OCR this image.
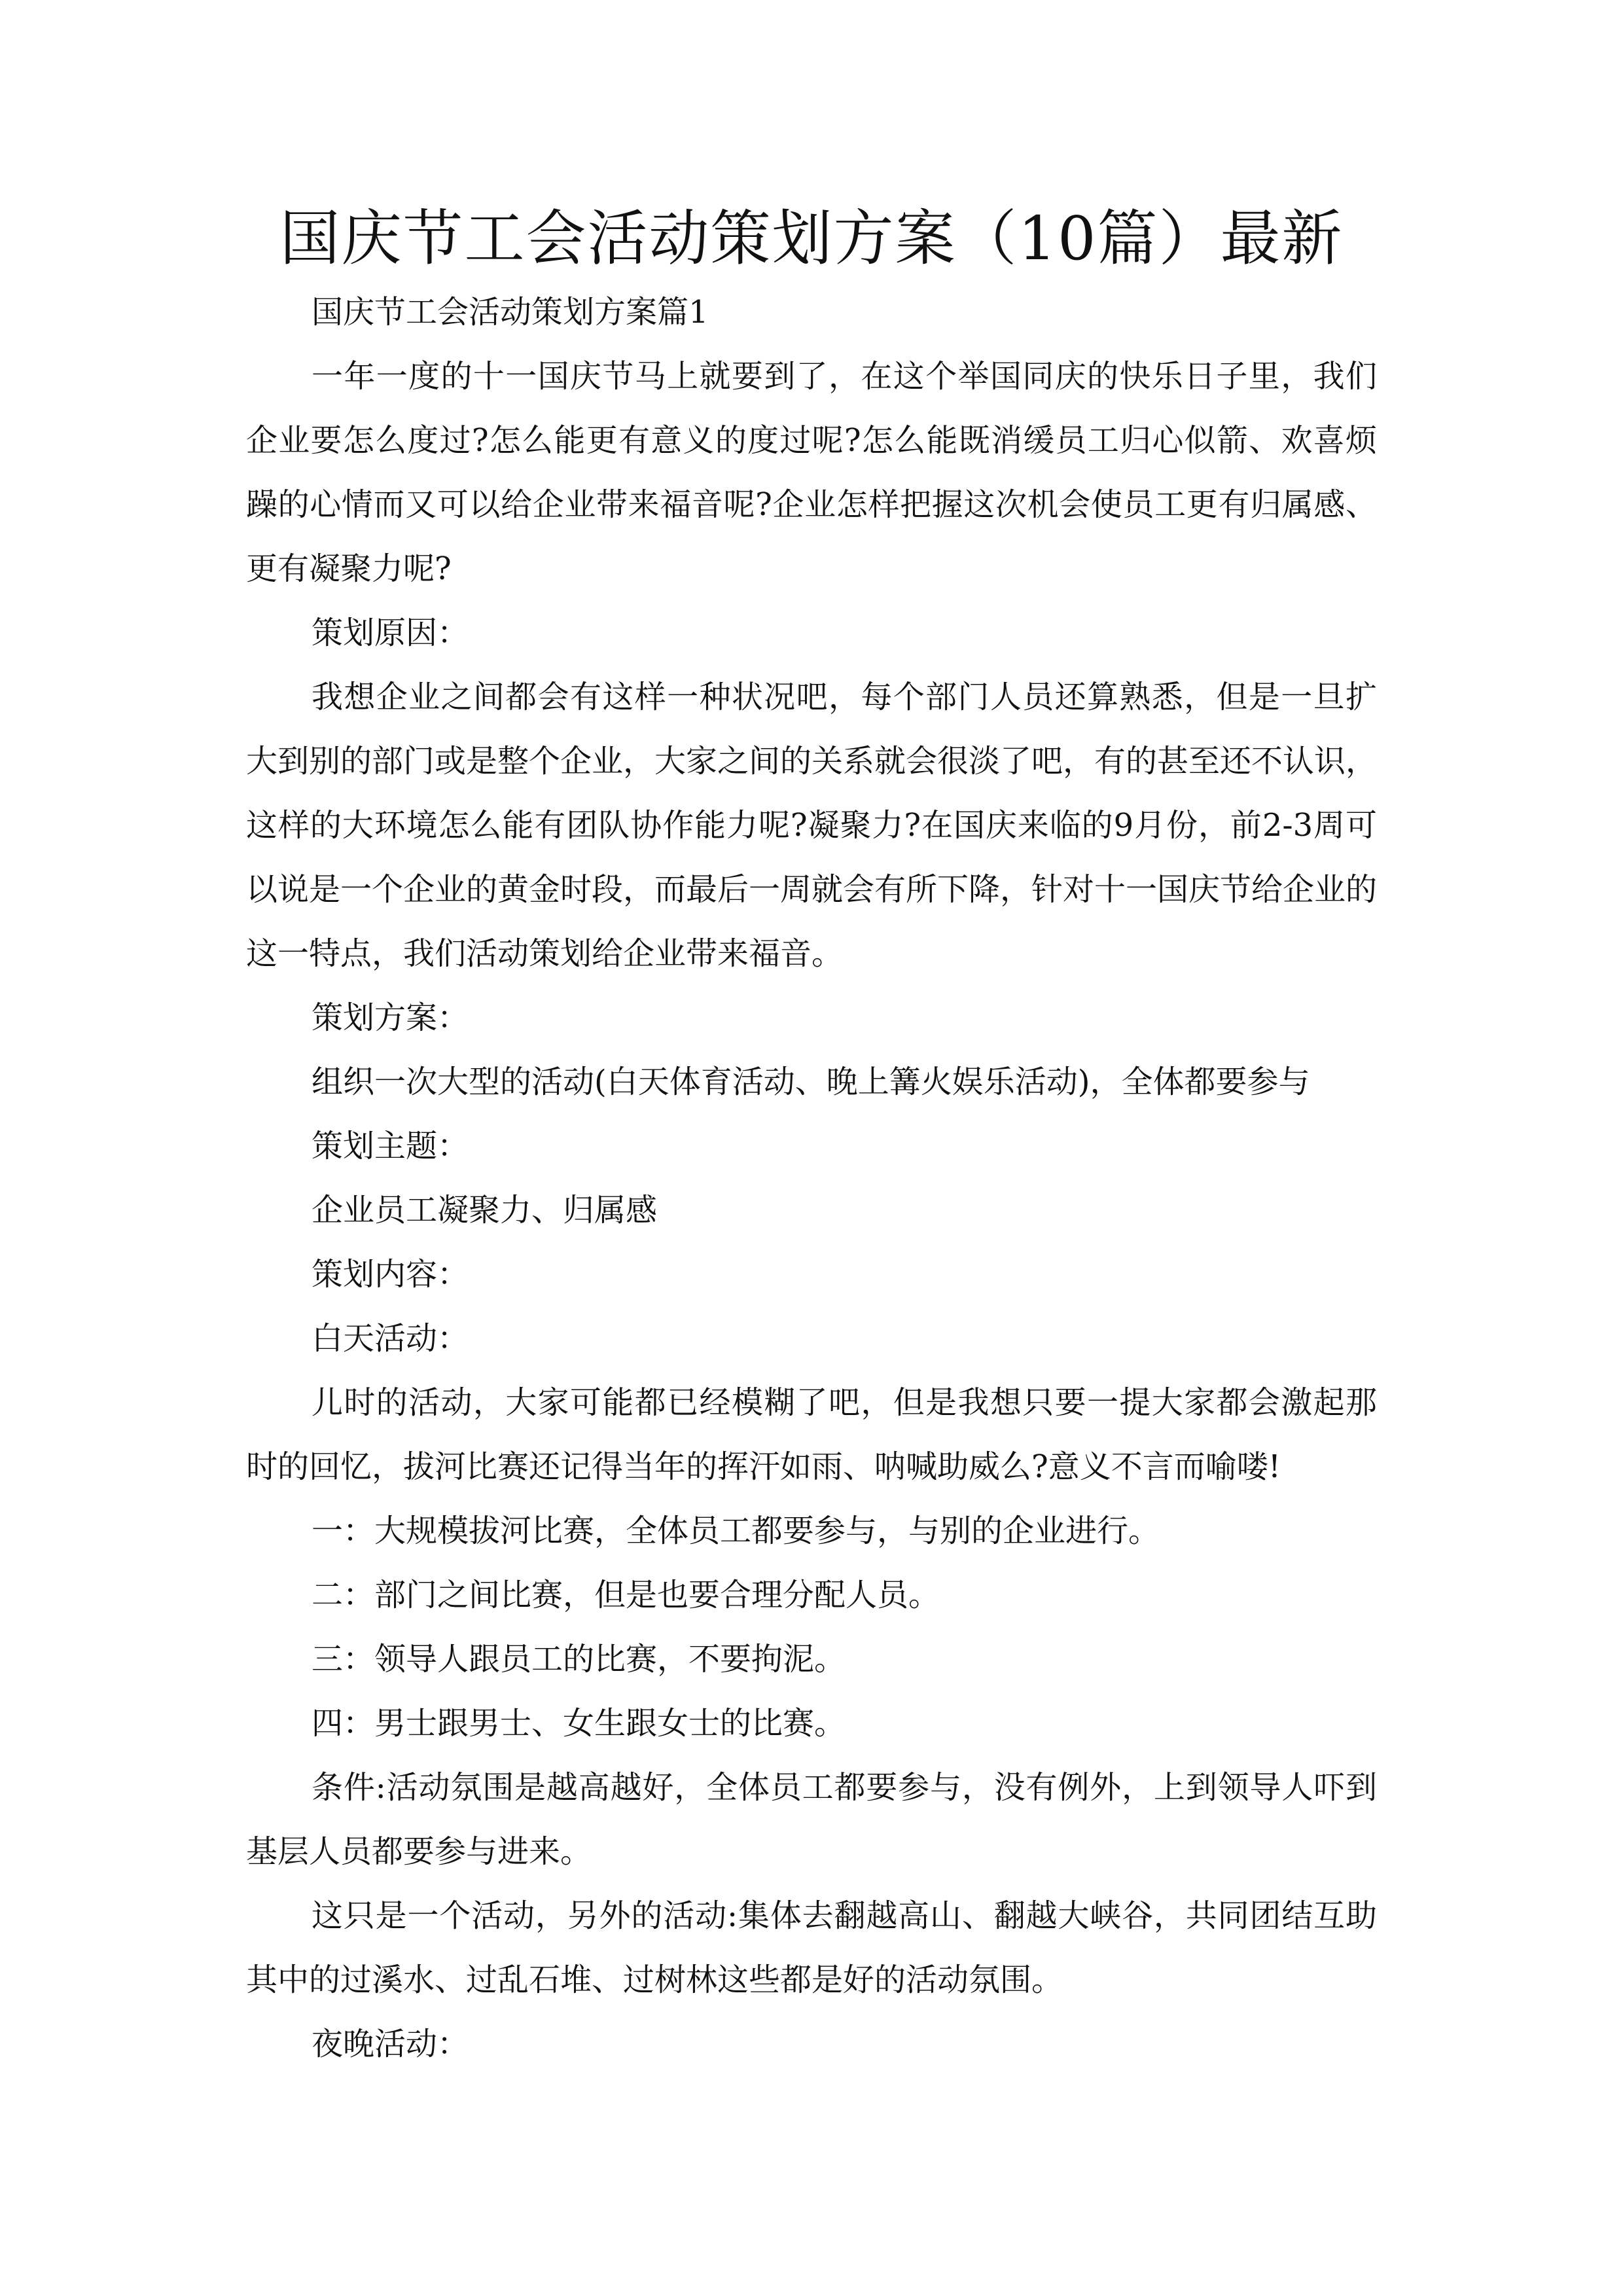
国庆节工会活动策划方案（10篇）最新

国庆节工会活动策划方案篇1

一年一度的十一国庆节马上就要到了，在这个举国同庆的快乐日子里，我们企业要怎么度过?怎么能更有意义的度过呢?怎么能既消缓员工归心似箭、欢喜烦躁的心情而又可以给企业带来福音呢?企业怎样把握这次机会使员工更有归属感、更有凝聚力呢?

策划原因：

我想企业之间都会有这样一种状况吧，每个部门人员还算熟悉，但是一旦扩大到别的部门或是整个企业，大家之间的关系就会很淡了吧，有的甚至还不认识，这样的大环境怎么能有团队协作能力呢?凝聚力?在国庆来临的9月份，前2-3周可以说是一个企业的黄金时段，而最后一周就会有所下降，针对十一国庆节给企业的这一特点，我们活动策划给企业带来福音。

策划方案：

组织一次大型的活动(白天体育活动、晚上篝火娱乐活动)，全体都要参与

策划主题：

企业员工凝聚力、归属感

策划内容：

白天活动：

儿时的活动，大家可能都已经模糊了吧，但是我想只要一提大家都会激起那时的回忆，拔河比赛还记得当年的挥汗如雨、呐喊助威么?意义不言而喻喽!

一：大规模拔河比赛，全体员工都要参与，与别的企业进行。

二：部门之间比赛，但是也要合理分配人员。

三：领导人跟员工的比赛，不要拘泥。

四：男士跟男士、女生跟女士的比赛。

条件:活动氛围是越高越好，全体员工都要参与，没有例外，上到领导人吓到基层人员都要参与进来。

这只是一个活动，另外的活动:集体去翻越高山、翻越大峡谷，共同团结互助其中的过溪水、过乱石堆、过树林这些都是好的活动氛围。

夜晚活动：
